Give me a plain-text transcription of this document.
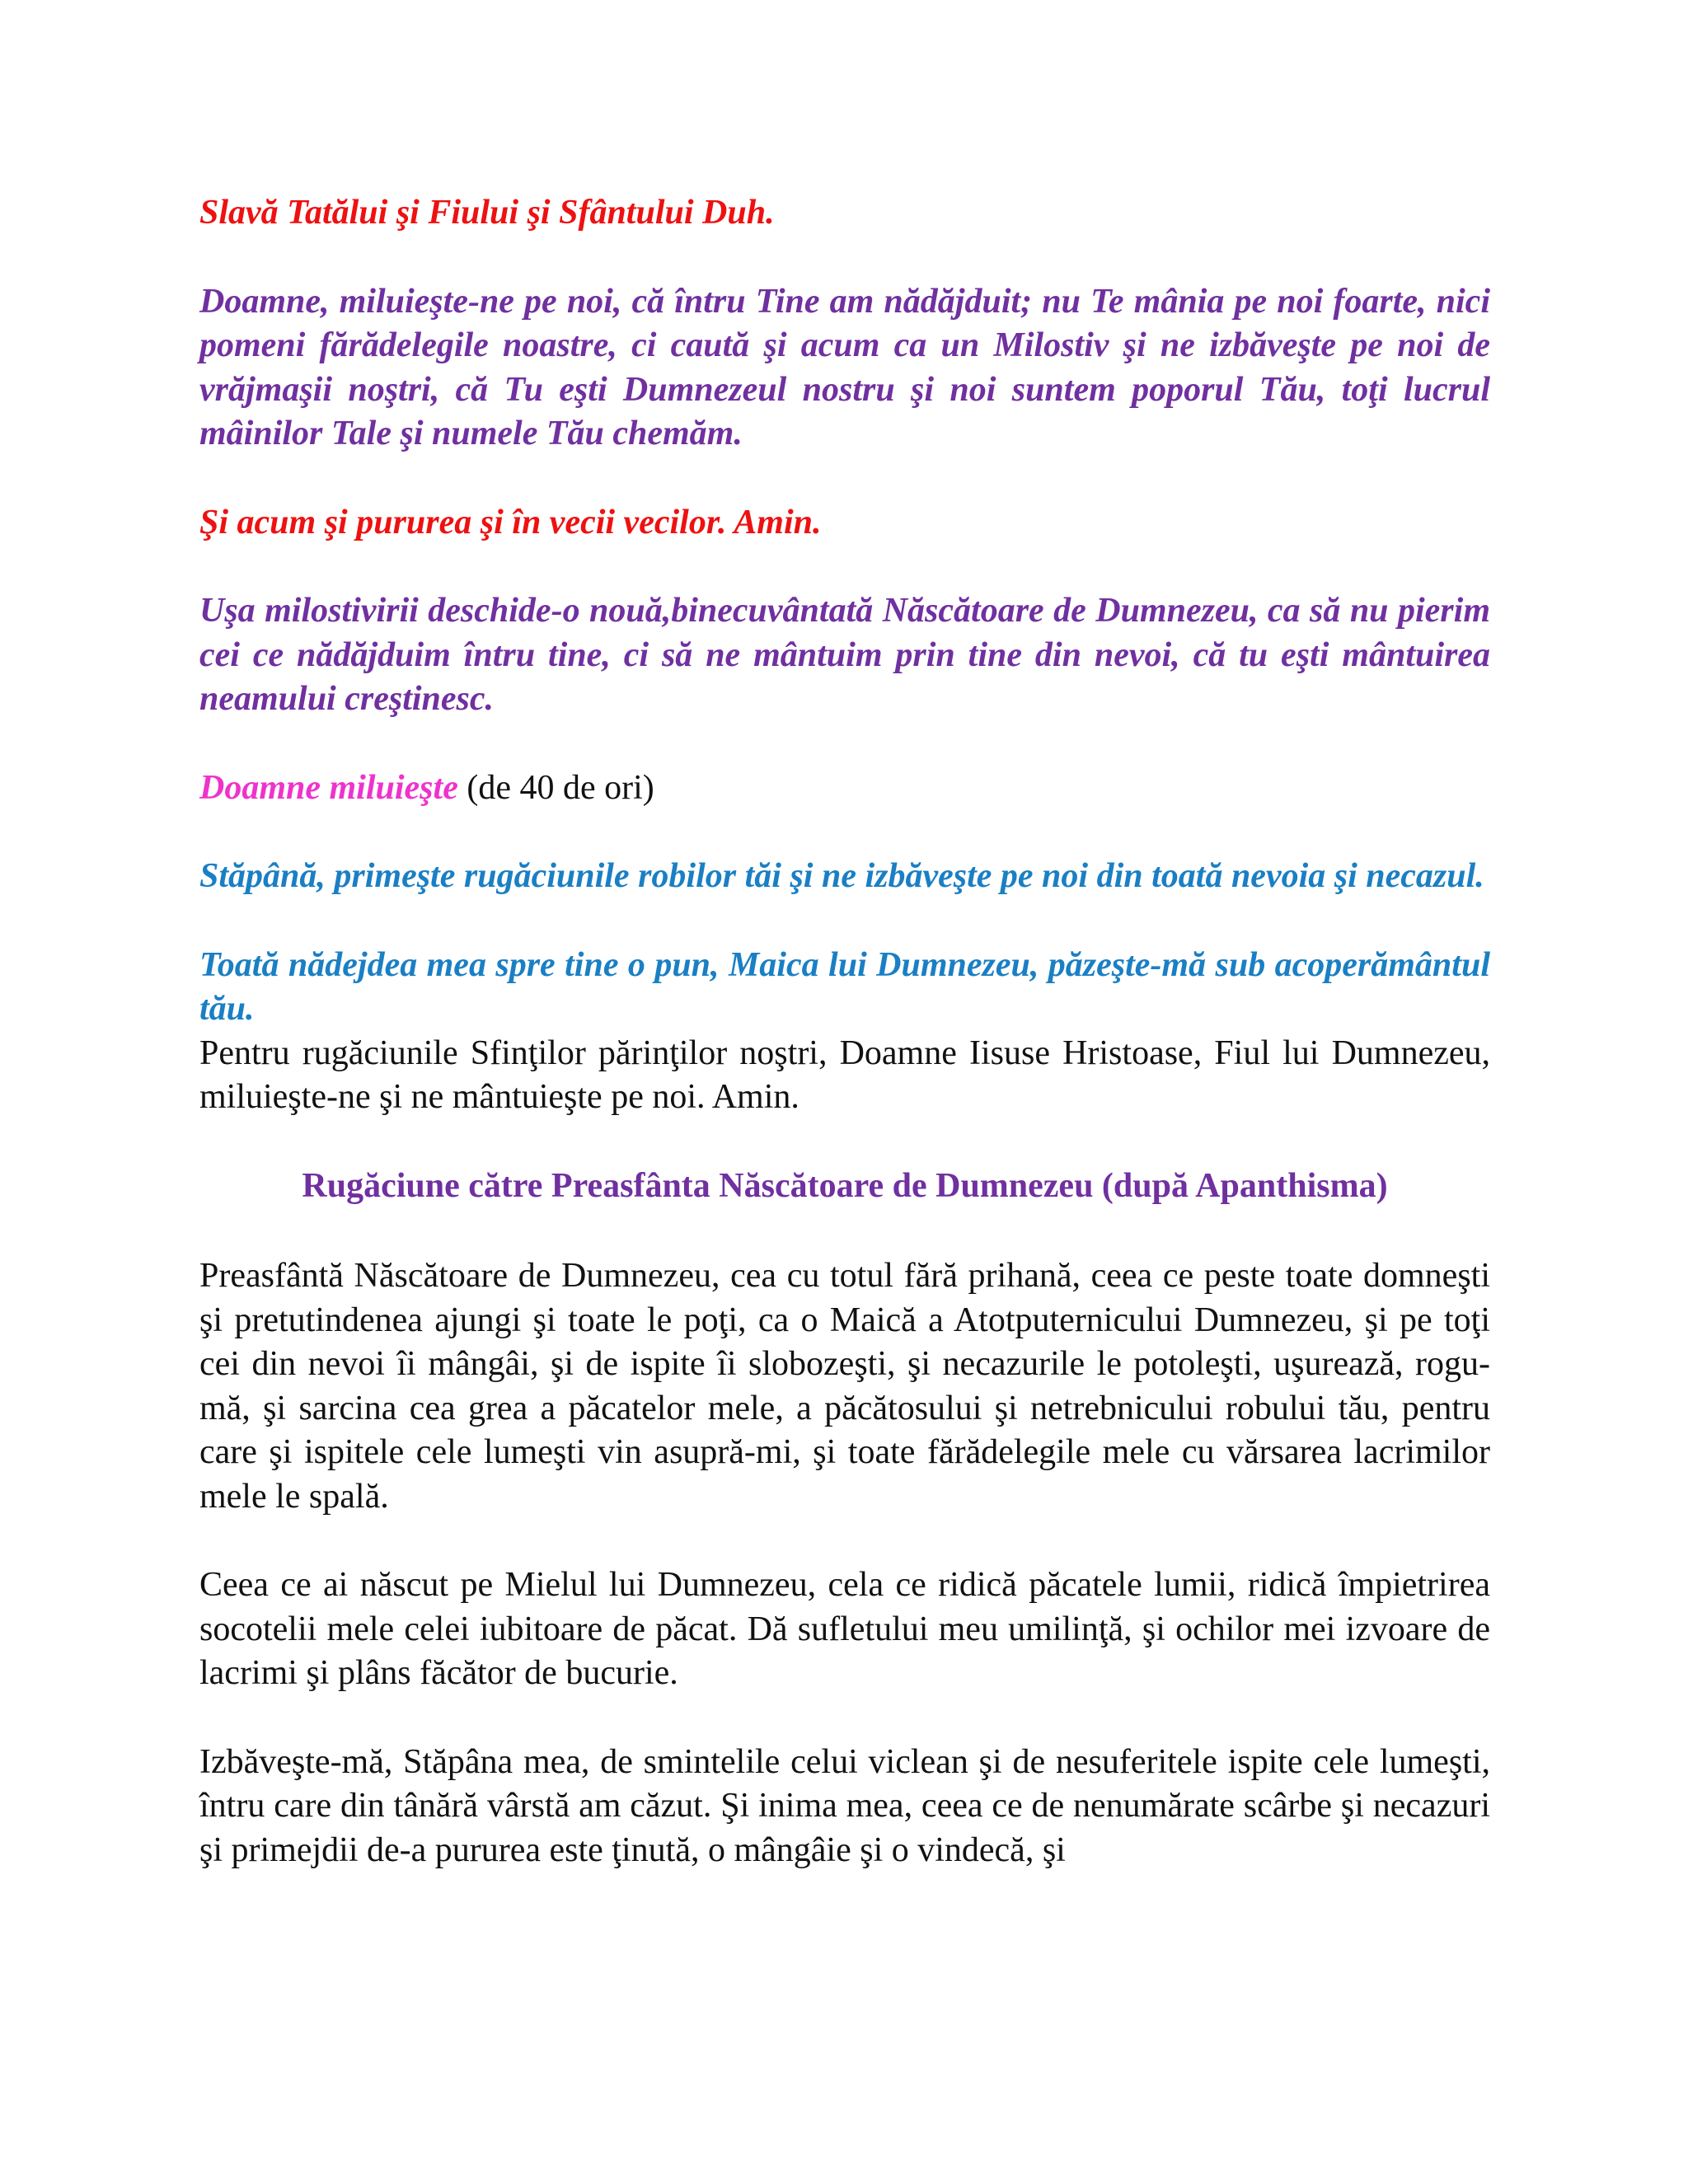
Slavă Tatălui şi Fiului şi Sfântului Duh.

Doamne, miluieşte-ne pe noi, că întru Tine am nădăjduit; nu Te mânia pe noi foarte, nici pomeni fărădelegile noastre, ci caută şi acum ca un Milostiv şi ne izbăveşte pe noi de vrăjmaşii noştri, că Tu eşti Dumnezeul nostru şi noi suntem poporul Tău, toţi lucrul mâinilor Tale şi numele Tău chemăm.

Şi acum şi pururea şi în vecii vecilor. Amin.

Uşa milostivirii deschide-o nouă,binecuvântată Născătoare de Dumnezeu, ca să nu pierim cei ce nădăjduim întru tine, ci să ne mântuim prin tine din nevoi, că tu eşti mântuirea neamului creştinesc.

Doamne miluieşte (de 40 de ori)

Stăpână, primeşte rugăciunile robilor tăi şi ne izbăveşte pe noi din toată nevoia şi necazul.

Toată nădejdea mea spre tine o pun, Maica lui Dumnezeu, păzeşte-mă sub acoperământul tău.

Pentru rugăciunile Sfinţilor părinţilor noştri, Doamne Iisuse Hristoase, Fiul lui Dumnezeu, miluieşte-ne şi ne mântuieşte pe noi. Amin.

Rugăciune către Preasfânta Născătoare de Dumnezeu (după Apanthisma)

Preasfântă Născătoare de Dumnezeu, cea cu totul fără prihană, ceea ce peste toate domneşti şi pretutindenea ajungi şi toate le poţi, ca o Maică a Atotputernicului Dumnezeu, şi pe toţi cei din nevoi îi mângâi, şi de ispite îi slobozeşti, şi necazurile le potoleşti, uşurează, rogu-mă, şi sarcina cea grea a păcatelor mele, a păcătosului şi netrebnicului robului tău, pentru care şi ispitele cele lumeşti vin asupră-mi, şi toate fărădelegile mele cu vărsarea lacrimilor mele le spală.

Ceea ce ai născut pe Mielul lui Dumnezeu, cela ce ridică păcatele lumii, ridică împietrirea socotelii mele celei iubitoare de păcat. Dă sufletului meu umilinţă, şi ochilor mei izvoare de lacrimi şi plâns făcător de bucurie.

Izbăveşte-mă, Stăpâna mea, de smintelile celui viclean şi de nesuferitele ispite cele lumeşti, întru care din tânără vârstă am căzut. Şi inima mea, ceea ce de nenumărate scârbe şi necazuri şi primejdii de-a pururea este ţinută, o mângâie şi o vindecă, şi
